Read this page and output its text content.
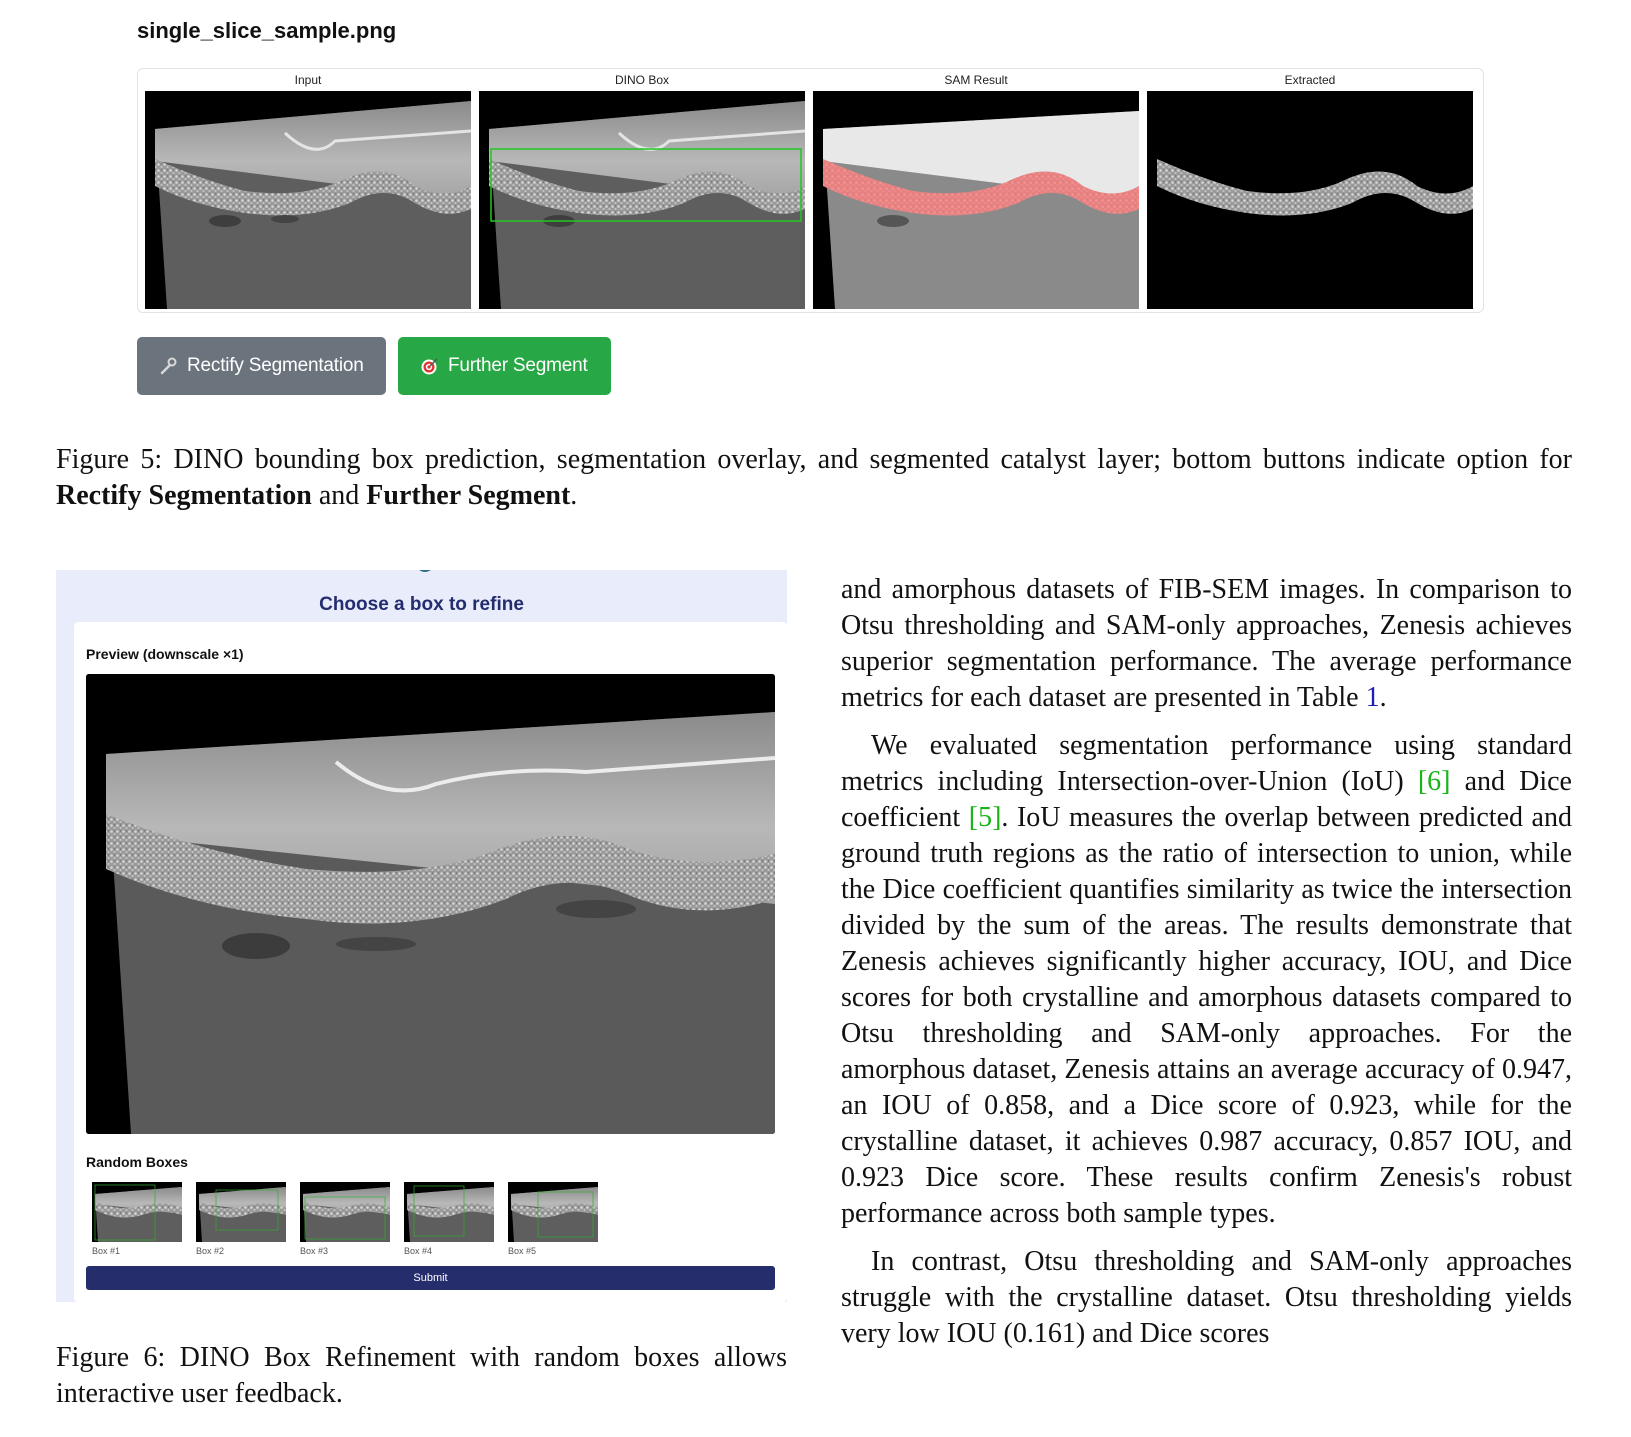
single_slice_sample.png
Input	DINO Box	SAM Result	Extracted
Rectify Segmentation	Further Segment
Figure 5: DINO bounding box prediction, segmentation overlay, and segmented catalyst layer; bottom buttons indicate option for Rectify Segmentation and Further Segment.
Choose a box to refine
Preview (downscale ×1)
Random Boxes
Box #1	Box #2	Box #3	Box #4	Box #5
Submit
Figure 6: DINO Box Refinement with random boxes allows interactive user feedback.

and amorphous datasets of FIB-SEM images. In comparison to Otsu thresholding and SAM-only approaches, Zenesis achieves superior segmentation performance. The average performance metrics for each dataset are presented in Table 1.

We evaluated segmentation performance using standard metrics including Intersection-over-Union (IoU) [6] and Dice coefficient [5]. IoU measures the overlap between predicted and ground truth regions as the ratio of intersection to union, while the Dice coefficient quantifies similarity as twice the intersection divided by the sum of the areas. The results demonstrate that Zenesis achieves significantly higher accuracy, IOU, and Dice scores for both crystalline and amorphous datasets compared to Otsu thresholding and SAM-only approaches. For the amorphous dataset, Zenesis attains an average accuracy of 0.947, an IOU of 0.858, and a Dice score of 0.923, while for the crystalline dataset, it achieves 0.987 accuracy, 0.857 IOU, and 0.923 Dice score. These results confirm Zenesis's robust performance across both sample types.

In contrast, Otsu thresholding and SAM-only approaches struggle with the crystalline dataset. Otsu thresholding yields very low IOU (0.161) and Dice scores
